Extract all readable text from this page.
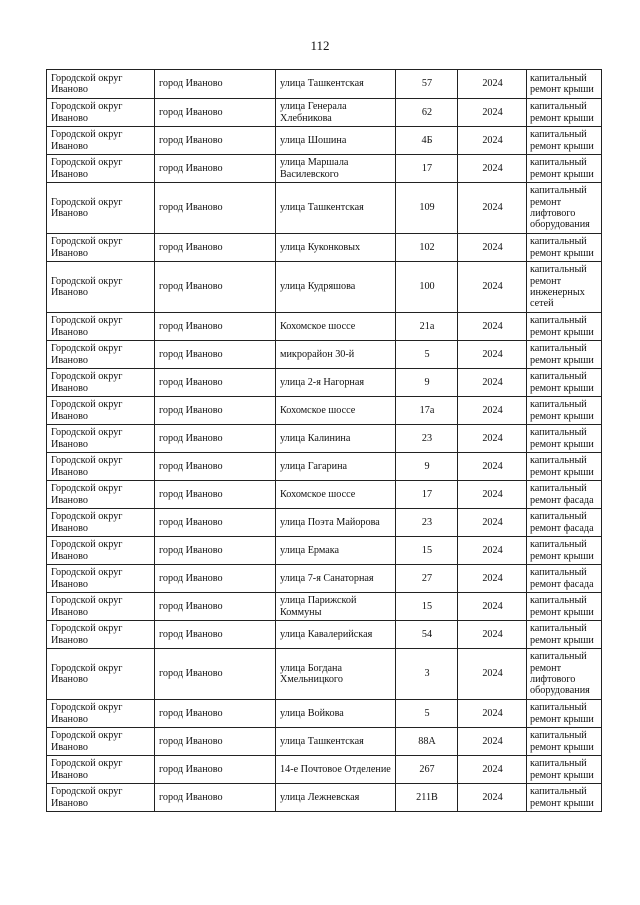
112
Городской округ Иваново	город Иваново	улица Ташкентская	57	2024	капитальный ремонт крыши
Городской округ Иваново	город Иваново	улица Генерала Хлебникова	62	2024	капитальный ремонт крыши
Городской округ Иваново	город Иваново	улица Шошина	4Б	2024	капитальный ремонт крыши
Городской округ Иваново	город Иваново	улица Маршала Василевского	17	2024	капитальный ремонт крыши
Городской округ Иваново	город Иваново	улица Ташкентская	109	2024	капитальный ремонт лифтового оборудования
Городской округ Иваново	город Иваново	улица Куконковых	102	2024	капитальный ремонт крыши
Городской округ Иваново	город Иваново	улица Кудряшова	100	2024	капитальный ремонт инженерных сетей
Городской округ Иваново	город Иваново	Кохомское шоссе	21а	2024	капитальный ремонт крыши
Городской округ Иваново	город Иваново	микрорайон 30-й	5	2024	капитальный ремонт крыши
Городской округ Иваново	город Иваново	улица 2-я Нагорная	9	2024	капитальный ремонт крыши
Городской округ Иваново	город Иваново	Кохомское шоссе	17а	2024	капитальный ремонт крыши
Городской округ Иваново	город Иваново	улица Калинина	23	2024	капитальный ремонт крыши
Городской округ Иваново	город Иваново	улица Гагарина	9	2024	капитальный ремонт крыши
Городской округ Иваново	город Иваново	Кохомское шоссе	17	2024	капитальный ремонт фасада
Городской округ Иваново	город Иваново	улица Поэта Майорова	23	2024	капитальный ремонт фасада
Городской округ Иваново	город Иваново	улица Ермака	15	2024	капитальный ремонт крыши
Городской округ Иваново	город Иваново	улица 7-я Санаторная	27	2024	капитальный ремонт фасада
Городской округ Иваново	город Иваново	улица Парижской Коммуны	15	2024	капитальный ремонт крыши
Городской округ Иваново	город Иваново	улица Кавалерийская	54	2024	капитальный ремонт крыши
Городской округ Иваново	город Иваново	улица Богдана Хмельницкого	3	2024	капитальный ремонт лифтового оборудования
Городской округ Иваново	город Иваново	улица Войкова	5	2024	капитальный ремонт крыши
Городской округ Иваново	город Иваново	улица Ташкентская	88А	2024	капитальный ремонт крыши
Городской округ Иваново	город Иваново	14-е Почтовое Отделение	267	2024	капитальный ремонт крыши
Городской округ Иваново	город Иваново	улица Лежневская	211В	2024	капитальный ремонт крыши
